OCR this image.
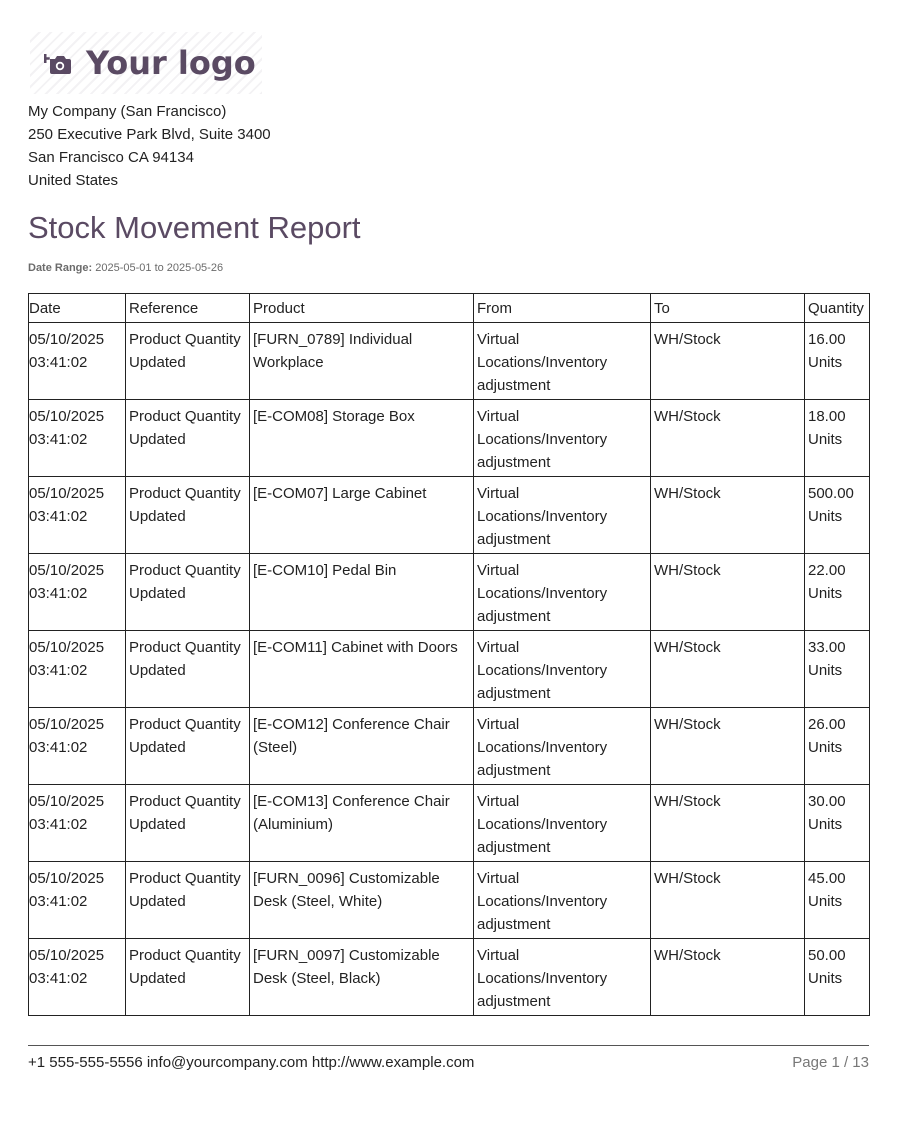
Your logo
My Company (San Francisco)
250 Executive Park Blvd, Suite 3400
San Francisco CA 94134
United States
Stock Movement Report
Date Range: 2025-05-01 to 2025-05-26
Date	Reference	Product	From	To	Quantity
05/10/2025 03:41:02	Product Quantity Updated	[FURN_0789] Individual Workplace	Virtual Locations/Inventory adjustment	WH/Stock	16.00 Units
05/10/2025 03:41:02	Product Quantity Updated	[E-COM08] Storage Box	Virtual Locations/Inventory adjustment	WH/Stock	18.00 Units
05/10/2025 03:41:02	Product Quantity Updated	[E-COM07] Large Cabinet	Virtual Locations/Inventory adjustment	WH/Stock	500.00 Units
05/10/2025 03:41:02	Product Quantity Updated	[E-COM10] Pedal Bin	Virtual Locations/Inventory adjustment	WH/Stock	22.00 Units
05/10/2025 03:41:02	Product Quantity Updated	[E-COM11] Cabinet with Doors	Virtual Locations/Inventory adjustment	WH/Stock	33.00 Units
05/10/2025 03:41:02	Product Quantity Updated	[E-COM12] Conference Chair (Steel)	Virtual Locations/Inventory adjustment	WH/Stock	26.00 Units
05/10/2025 03:41:02	Product Quantity Updated	[E-COM13] Conference Chair (Aluminium)	Virtual Locations/Inventory adjustment	WH/Stock	30.00 Units
05/10/2025 03:41:02	Product Quantity Updated	[FURN_0096] Customizable Desk (Steel, White)	Virtual Locations/Inventory adjustment	WH/Stock	45.00 Units
05/10/2025 03:41:02	Product Quantity Updated	[FURN_0097] Customizable Desk (Steel, Black)	Virtual Locations/Inventory adjustment	WH/Stock	50.00 Units
+1 555-555-5556 info@yourcompany.com http://www.example.com	Page 1 / 13
